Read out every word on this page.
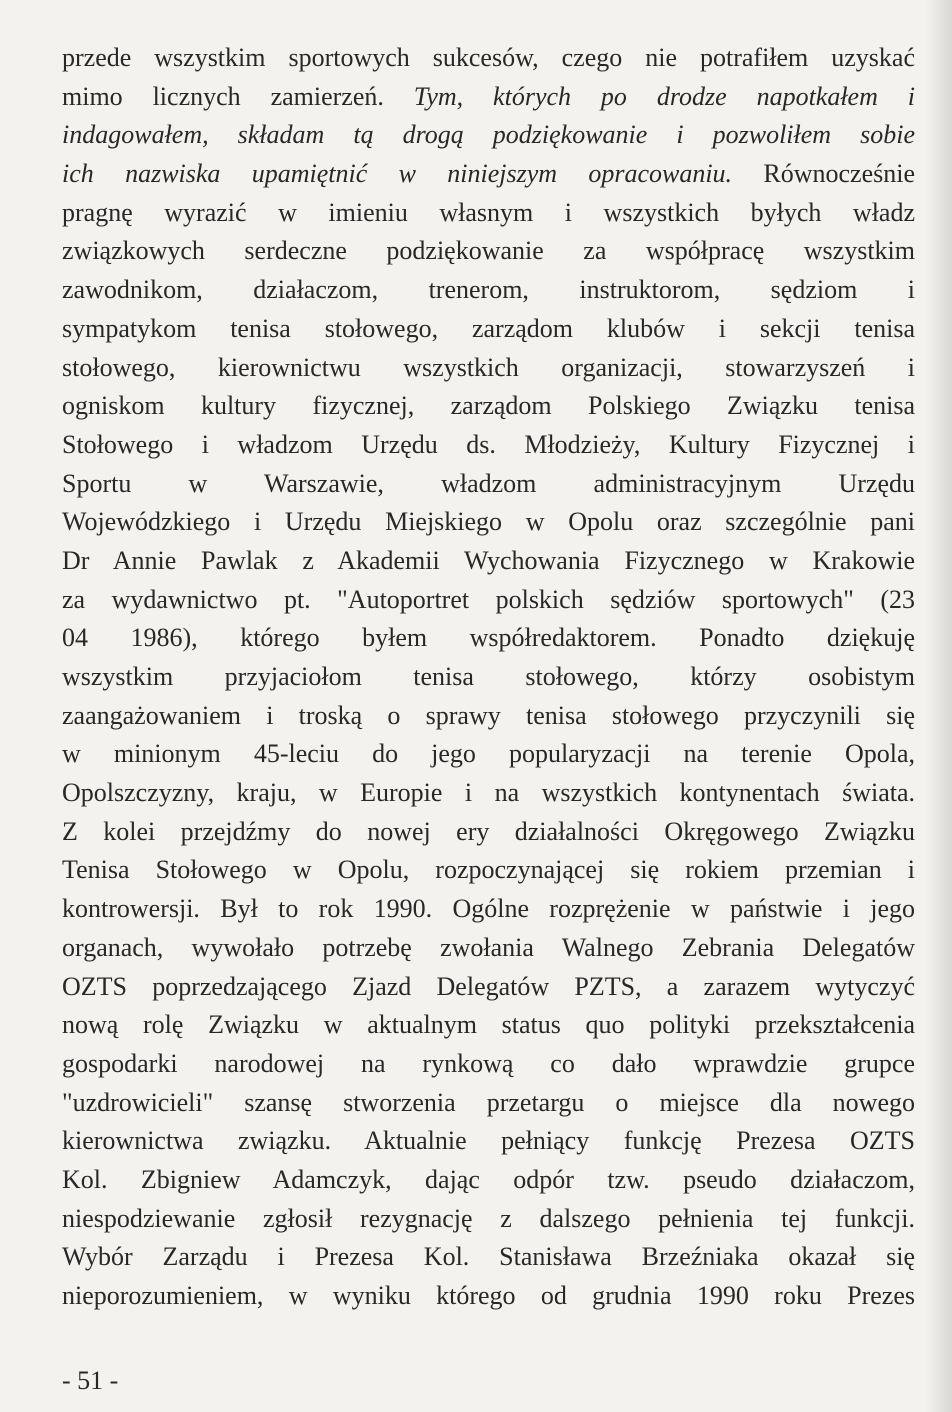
przede wszystkim sportowych sukcesów, czego nie potrafiłem uzyskać
mimo licznych zamierzeń. Tym, których po drodze napotkałem i
indagowałem, składam tą drogą podziękowanie i pozwoliłem sobie
ich nazwiska upamiętnić w niniejszym opracowaniu. Równocześnie
pragnę wyrazić w imieniu własnym i wszystkich byłych władz
związkowych serdeczne podziękowanie za współpracę wszystkim
zawodnikom, działaczom, trenerom, instruktorom, sędziom i
sympatykom tenisa stołowego, zarządom klubów i sekcji tenisa
stołowego, kierownictwu wszystkich organizacji, stowarzyszeń i
ogniskom kultury fizycznej, zarządom Polskiego Związku tenisa
Stołowego i władzom Urzędu ds. Młodzieży, Kultury Fizycznej i
Sportu w Warszawie, władzom administracyjnym Urzędu
Wojewódzkiego i Urzędu Miejskiego w Opolu oraz szczególnie pani
Dr Annie Pawlak z Akademii Wychowania Fizycznego w Krakowie
za wydawnictwo pt. "Autoportret polskich sędziów sportowych" (23
04 1986), którego byłem współredaktorem. Ponadto dziękuję
wszystkim przyjaciołom tenisa stołowego, którzy osobistym
zaangażowaniem i troską o sprawy tenisa stołowego przyczynili się
w minionym 45-leciu do jego popularyzacji na terenie Opola,
Opolszczyzny, kraju, w Europie i na wszystkich kontynentach świata.
Z kolei przejdźmy do nowej ery działalności Okręgowego Związku
Tenisa Stołowego w Opolu, rozpoczynającej się rokiem przemian i
kontrowersji. Był to rok 1990. Ogólne rozprężenie w państwie i jego
organach, wywołało potrzebę zwołania Walnego Zebrania Delegatów
OZTS poprzedzającego Zjazd Delegatów PZTS, a zarazem wytyczyć
nową rolę Związku w aktualnym status quo polityki przekształcenia
gospodarki narodowej na rynkową co dało wprawdzie grupce
"uzdrowicieli" szansę stworzenia przetargu o miejsce dla nowego
kierownictwa związku. Aktualnie pełniący funkcję Prezesa OZTS
Kol. Zbigniew Adamczyk, dając odpór tzw. pseudo działaczom,
niespodziewanie zgłosił rezygnację z dalszego pełnienia tej funkcji.
Wybór Zarządu i Prezesa Kol. Stanisława Brzeźniaka okazał się
nieporozumieniem, w wyniku którego od grudnia 1990 roku Prezes
- 51 -
